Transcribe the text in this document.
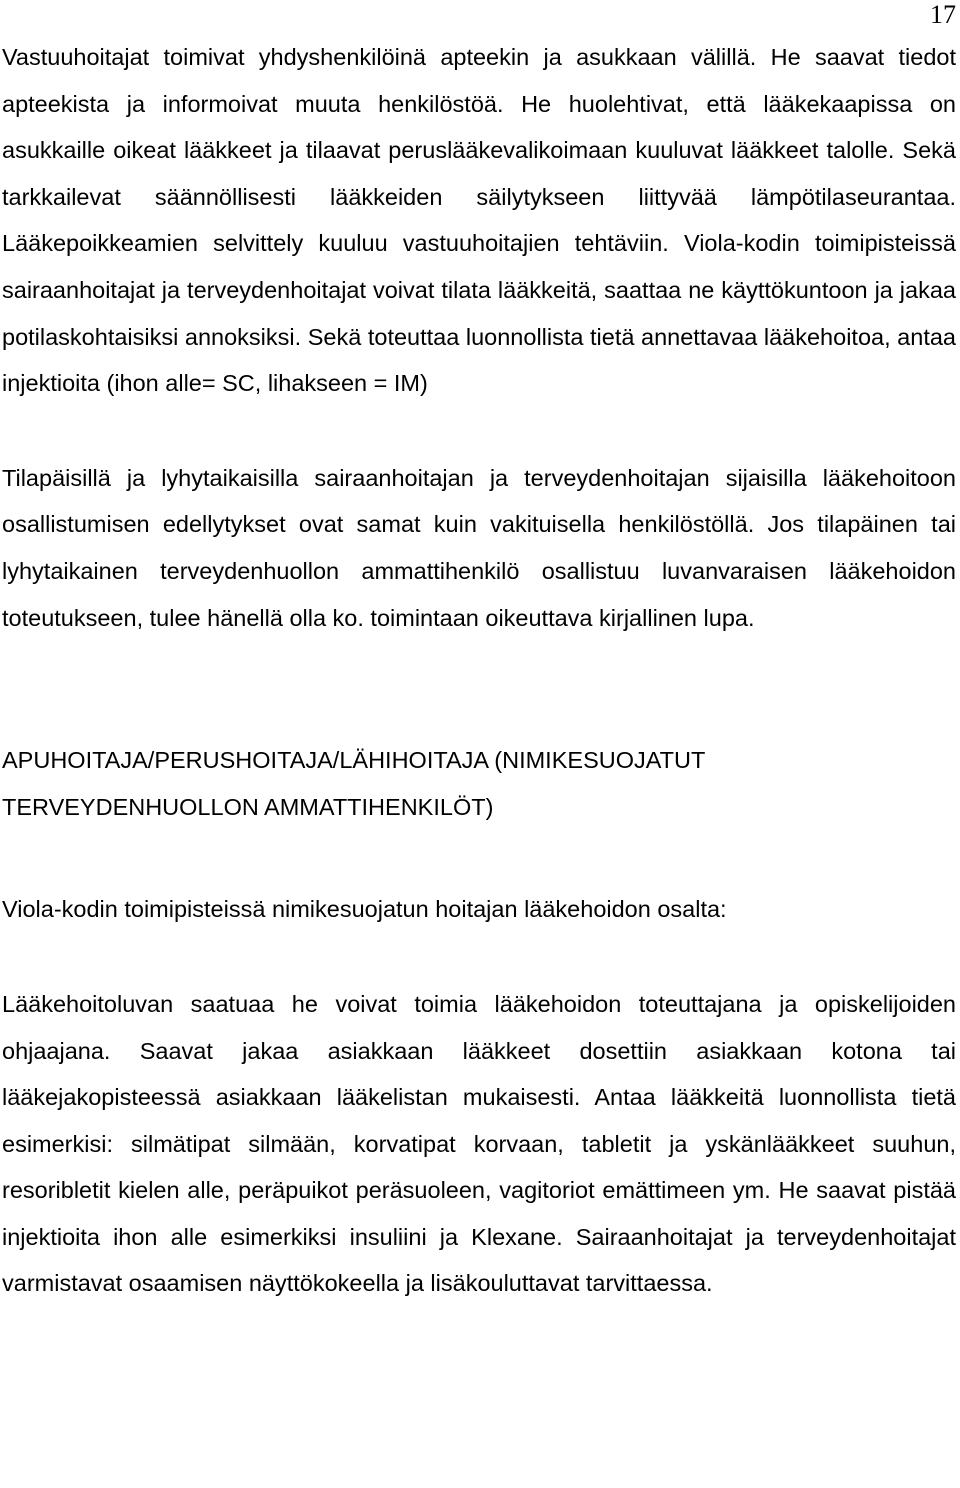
17

Vastuuhoitajat toimivat yhdyshenkilöinä apteekin ja asukkaan välillä. He saavat tiedot apteekista ja informoivat muuta henkilöstöä. He huolehtivat, että lääkekaapissa on asukkaille oikeat lääkkeet ja tilaavat peruslääkevalikoimaan kuuluvat lääkkeet talolle. Sekä tarkkailevat säännöllisesti lääkkeiden säilytykseen liittyvää lämpötilaseurantaa. Lääkepoikkeamien selvittely kuuluu vastuuhoitajien tehtäviin. Viola-kodin toimipisteissä sairaanhoitajat ja terveydenhoitajat voivat tilata lääkkeitä, saattaa ne käyttökuntoon ja jakaa potilaskohtaisiksi annoksiksi. Sekä toteuttaa luonnollista tietä annettavaa lääkehoitoa, antaa injektioita (ihon alle= SC, lihakseen = IM)

Tilapäisillä ja lyhytaikaisilla sairaanhoitajan ja terveydenhoitajan sijaisilla lääkehoitoon osallistumisen edellytykset ovat samat kuin vakituisella henkilöstöllä. Jos tilapäinen tai lyhytaikainen terveydenhuollon ammattihenkilö osallistuu luvanvaraisen lääkehoidon toteutukseen, tulee hänellä olla ko. toimintaan oikeuttava kirjallinen lupa.

APUHOITAJA/PERUSHOITAJA/LÄHIHOITAJA (NIMIKESUOJATUT TERVEYDENHUOLLON AMMATTIHENKILÖT)

Viola-kodin toimipisteissä nimikesuojatun hoitajan lääkehoidon osalta:

Lääkehoitoluvan saatuaa he voivat toimia lääkehoidon toteuttajana ja opiskelijoiden ohjaajana. Saavat jakaa asiakkaan lääkkeet dosettiin asiakkaan kotona tai lääkejakopisteessä asiakkaan lääkelistan mukaisesti. Antaa lääkkeitä luonnollista tietä esimerkisi: silmätipat silmään, korvatipat korvaan, tabletit ja yskänlääkkeet suuhun, resoribletit kielen alle, peräpuikot peräsuoleen, vagitoriot emättimeen ym. He saavat pistää injektioita ihon alle esimerkiksi insuliini ja Klexane. Sairaanhoitajat ja terveydenhoitajat varmistavat osaamisen näyttökokeella ja lisäkouluttavat tarvittaessa.
